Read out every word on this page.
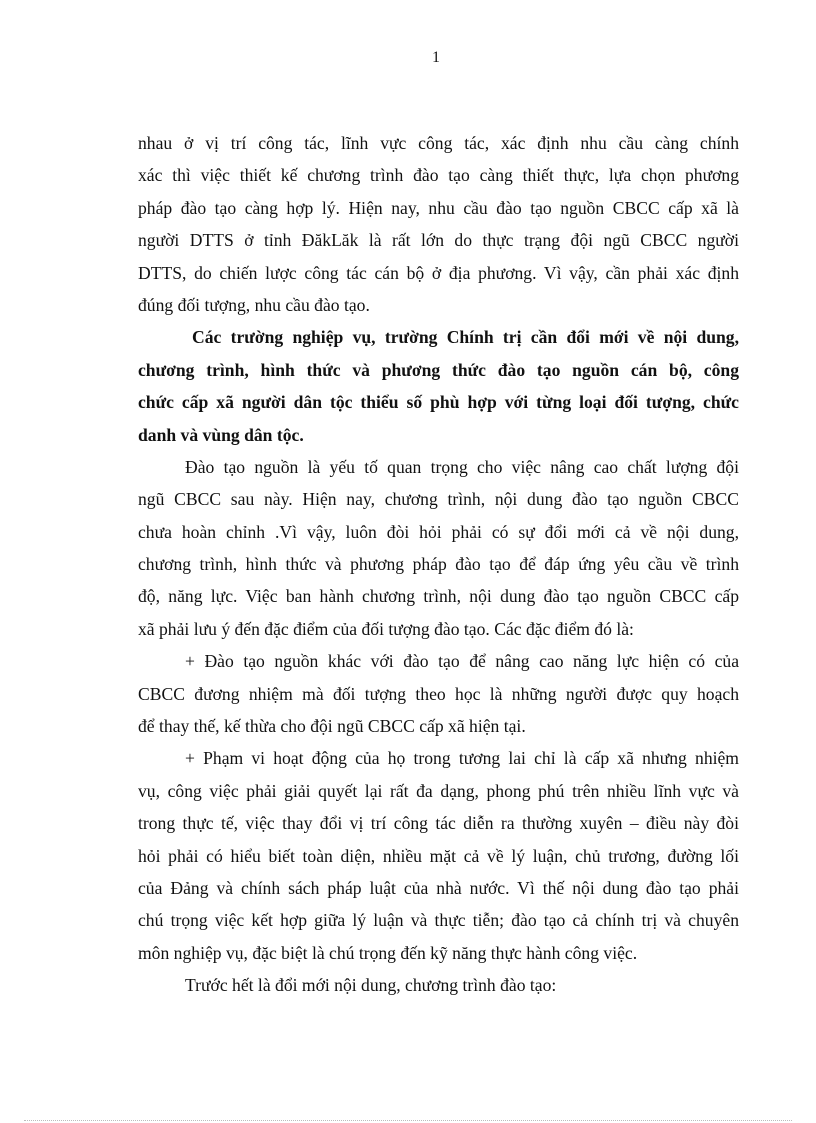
1
nhau ở vị trí công tác, lĩnh vực công tác, xác định nhu cầu càng chính
xác thì việc thiết kế chương trình đào tạo càng thiết thực, lựa chọn phương
pháp đào tạo càng hợp lý. Hiện nay, nhu cầu đào tạo nguồn CBCC cấp xã là
người DTTS ở tỉnh ĐăkLăk là rất lớn do thực trạng đội ngũ CBCC người
DTTS, do chiến lược công tác cán bộ ở địa phương. Vì vậy, cần phải xác định
đúng đối tượng, nhu cầu đào tạo.
Các trường nghiệp vụ, trường Chính trị cần đổi mới về nội dung,
chương trình, hình thức và phương thức đào tạo nguồn cán bộ, công
chức cấp xã người dân tộc thiểu số phù hợp với từng loại đối tượng, chức
danh và vùng dân tộc.
Đào tạo nguồn là yếu tố quan trọng cho việc nâng cao chất lượng đội
ngũ CBCC sau này. Hiện nay, chương trình, nội dung đào tạo nguồn CBCC
chưa hoàn chỉnh .Vì vậy, luôn đòi hỏi phải có sự đổi mới cả về nội dung,
chương trình, hình thức và phương pháp đào tạo để đáp ứng yêu cầu về trình
độ, năng lực. Việc ban hành chương trình, nội dung đào tạo nguồn CBCC cấp
xã phải lưu ý đến đặc điểm của đối tượng đào tạo. Các đặc điểm đó là:
+ Đào tạo nguồn khác với đào tạo để nâng cao năng lực hiện có của
CBCC đương nhiệm mà đối tượng theo học là những người được quy hoạch
để thay thế, kế thừa cho đội ngũ CBCC cấp xã hiện tại.
+ Phạm vi hoạt động của họ trong tương lai chỉ là cấp xã nhưng nhiệm
vụ, công việc phải giải quyết lại rất đa dạng, phong phú trên nhiều lĩnh vực và
trong thực tế, việc thay đổi vị trí công tác diễn ra thường xuyên – điều này đòi
hỏi phải có hiểu biết toàn diện, nhiều mặt cả về lý luận, chủ trương, đường lối
của Đảng và chính sách pháp luật của nhà nước. Vì thế nội dung đào tạo phải
chú trọng việc kết hợp giữa lý luận và thực tiễn; đào tạo cả chính trị và chuyên
môn nghiệp vụ, đặc biệt là chú trọng đến kỹ năng thực hành công việc.
Trước hết là đổi mới nội dung, chương trình đào tạo:
